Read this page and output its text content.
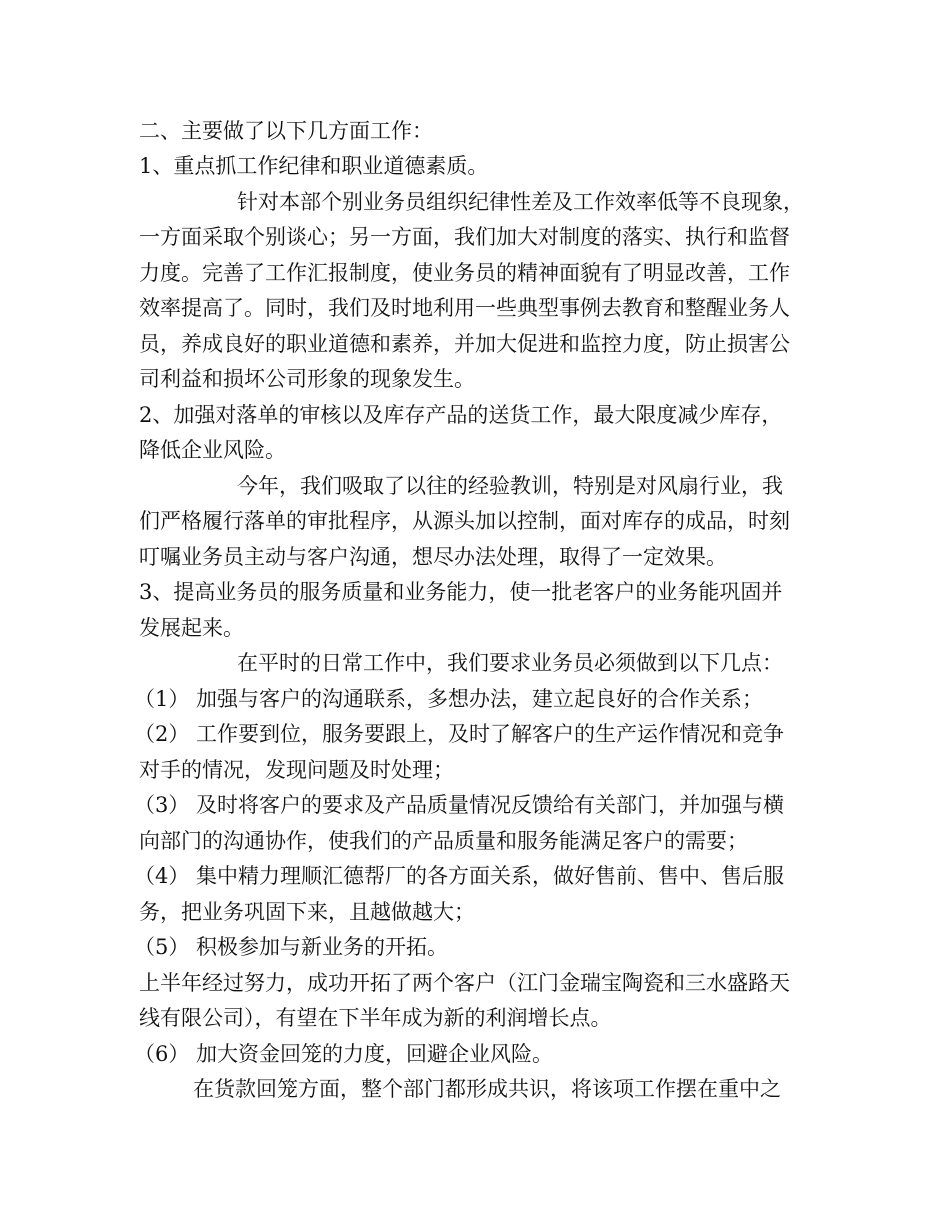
二、主要做了以下几方面工作：
1、重点抓工作纪律和职业道德素质。
针对本部个别业务员组织纪律性差及工作效率低等不良现象，
一方面采取个别谈心；另一方面，我们加大对制度的落实、执行和监督
力度。完善了工作汇报制度，使业务员的精神面貌有了明显改善，工作
效率提高了。同时，我们及时地利用一些典型事例去教育和整醒业务人
员，养成良好的职业道德和素养，并加大促进和监控力度，防止损害公
司利益和损坏公司形象的现象发生。
2、加强对落单的审核以及库存产品的送货工作，最大限度减少库存，
降低企业风险。
今年，我们吸取了以往的经验教训，特别是对风扇行业，我
们严格履行落单的审批程序，从源头加以控制，面对库存的成品，时刻
叮嘱业务员主动与客户沟通，想尽办法处理，取得了一定效果。
3、提高业务员的服务质量和业务能力，使一批老客户的业务能巩固并
发展起来。
在平时的日常工作中，我们要求业务员必须做到以下几点：
（1） 加强与客户的沟通联系，多想办法，建立起良好的合作关系；
（2） 工作要到位，服务要跟上，及时了解客户的生产运作情况和竞争
对手的情况，发现问题及时处理；
（3） 及时将客户的要求及产品质量情况反馈给有关部门，并加强与横
向部门的沟通协作，使我们的产品质量和服务能满足客户的需要；
（4） 集中精力理顺汇德帮厂的各方面关系，做好售前、售中、售后服
务，把业务巩固下来，且越做越大；
（5） 积极参加与新业务的开拓。
上半年经过努力，成功开拓了两个客户（江门金瑞宝陶瓷和三水盛路天
线有限公司），有望在下半年成为新的利润增长点。
（6） 加大资金回笼的力度，回避企业风险。
在货款回笼方面，整个部门都形成共识，将该项工作摆在重中之
